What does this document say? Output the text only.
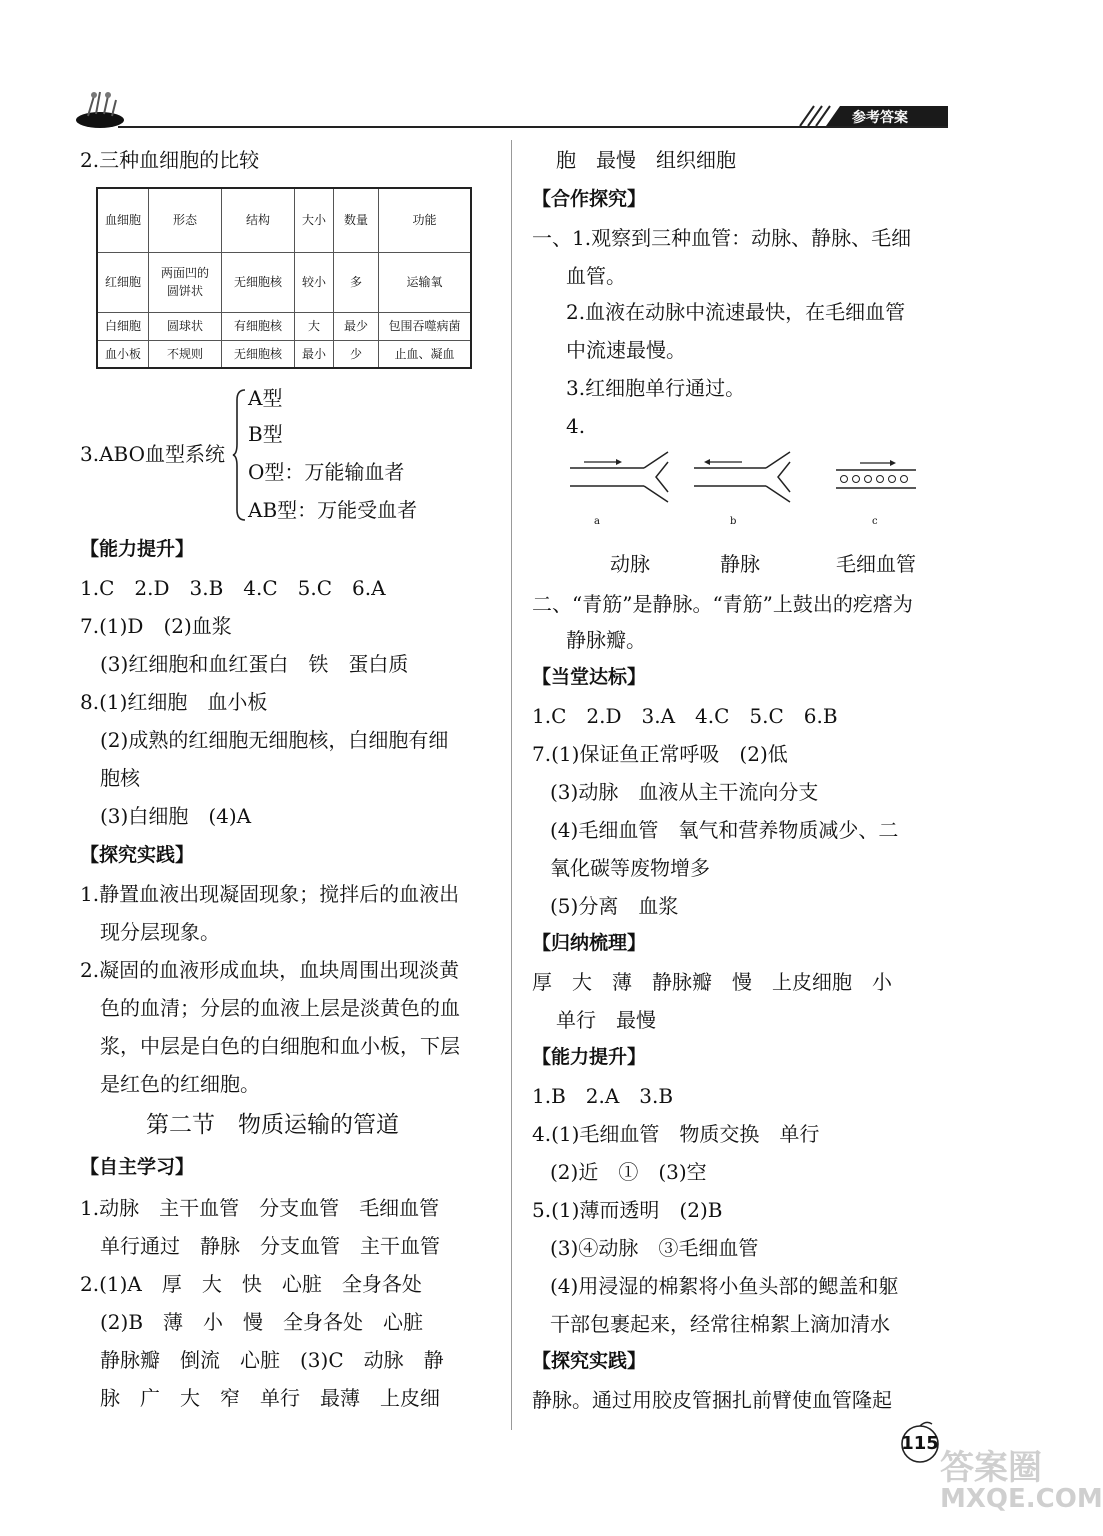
参考答案
2.三种血细胞的比较
血细胞	形态	结构	大小	数量	功能
红细胞	两面凹的圆饼状	无细胞核	较小	多	运输氧
白细胞	圆球状	有细胞核	大	最少	包围吞噬病菌
血小板	不规则	无细胞核	最小	少	止血、凝血
3.ABO血型系统
A型
B型
O型：万能输血者
AB型：万能受血者
【能力提升】
1.C　2.D　3.B　4.C　5.C　6.A
7.(1)D　(2)血浆
(3)红细胞和血红蛋白　铁　蛋白质
8.(1)红细胞　血小板
(2)成熟的红细胞无细胞核，白细胞有细
胞核
(3)白细胞　(4)A
【探究实践】
1.静置血液出现凝固现象；搅拌后的血液出
现分层现象。
2.凝固的血液形成血块，血块周围出现淡黄
色的血清；分层的血液上层是淡黄色的血
浆，中层是白色的白细胞和血小板，下层
是红色的红细胞。
第二节　物质运输的管道
【自主学习】
1.动脉　主干血管　分支血管　毛细血管
单行通过　静脉　分支血管　主干血管
2.(1)A　厚　大　快　心脏　全身各处
(2)B　薄　小　慢　全身各处　心脏
静脉瓣　倒流　心脏　(3)C　动脉　静
脉　广　大　窄　单行　最薄　上皮细
胞　最慢　组织细胞
【合作探究】
一、1.观察到三种血管：动脉、静脉、毛细
血管。
2.血液在动脉中流速最快，在毛细血管
中流速最慢。
3.红细胞单行通过。
4.
a	b	c
动脉	静脉	毛细血管
二、“青筋”是静脉。“青筋”上鼓出的疙瘩为
静脉瓣。
【当堂达标】
1.C　2.D　3.A　4.C　5.C　6.B
7.(1)保证鱼正常呼吸　(2)低
(3)动脉　血液从主干流向分支
(4)毛细血管　氧气和营养物质减少、二
氧化碳等废物增多
(5)分离　血浆
【归纳梳理】
厚　大　薄　静脉瓣　慢　上皮细胞　小
单行　最慢
【能力提升】
1.B　2.A　3.B
4.(1)毛细血管　物质交换　单行
(2)近　①　(3)空
5.(1)薄而透明　(2)B
(3)④动脉　③毛细血管
(4)用浸湿的棉絮将小鱼头部的鳃盖和躯
干部包裹起来，经常往棉絮上滴加清水
【探究实践】
静脉。通过用胶皮管捆扎前臂使血管隆起
115
答案圈
MXQE.COM
